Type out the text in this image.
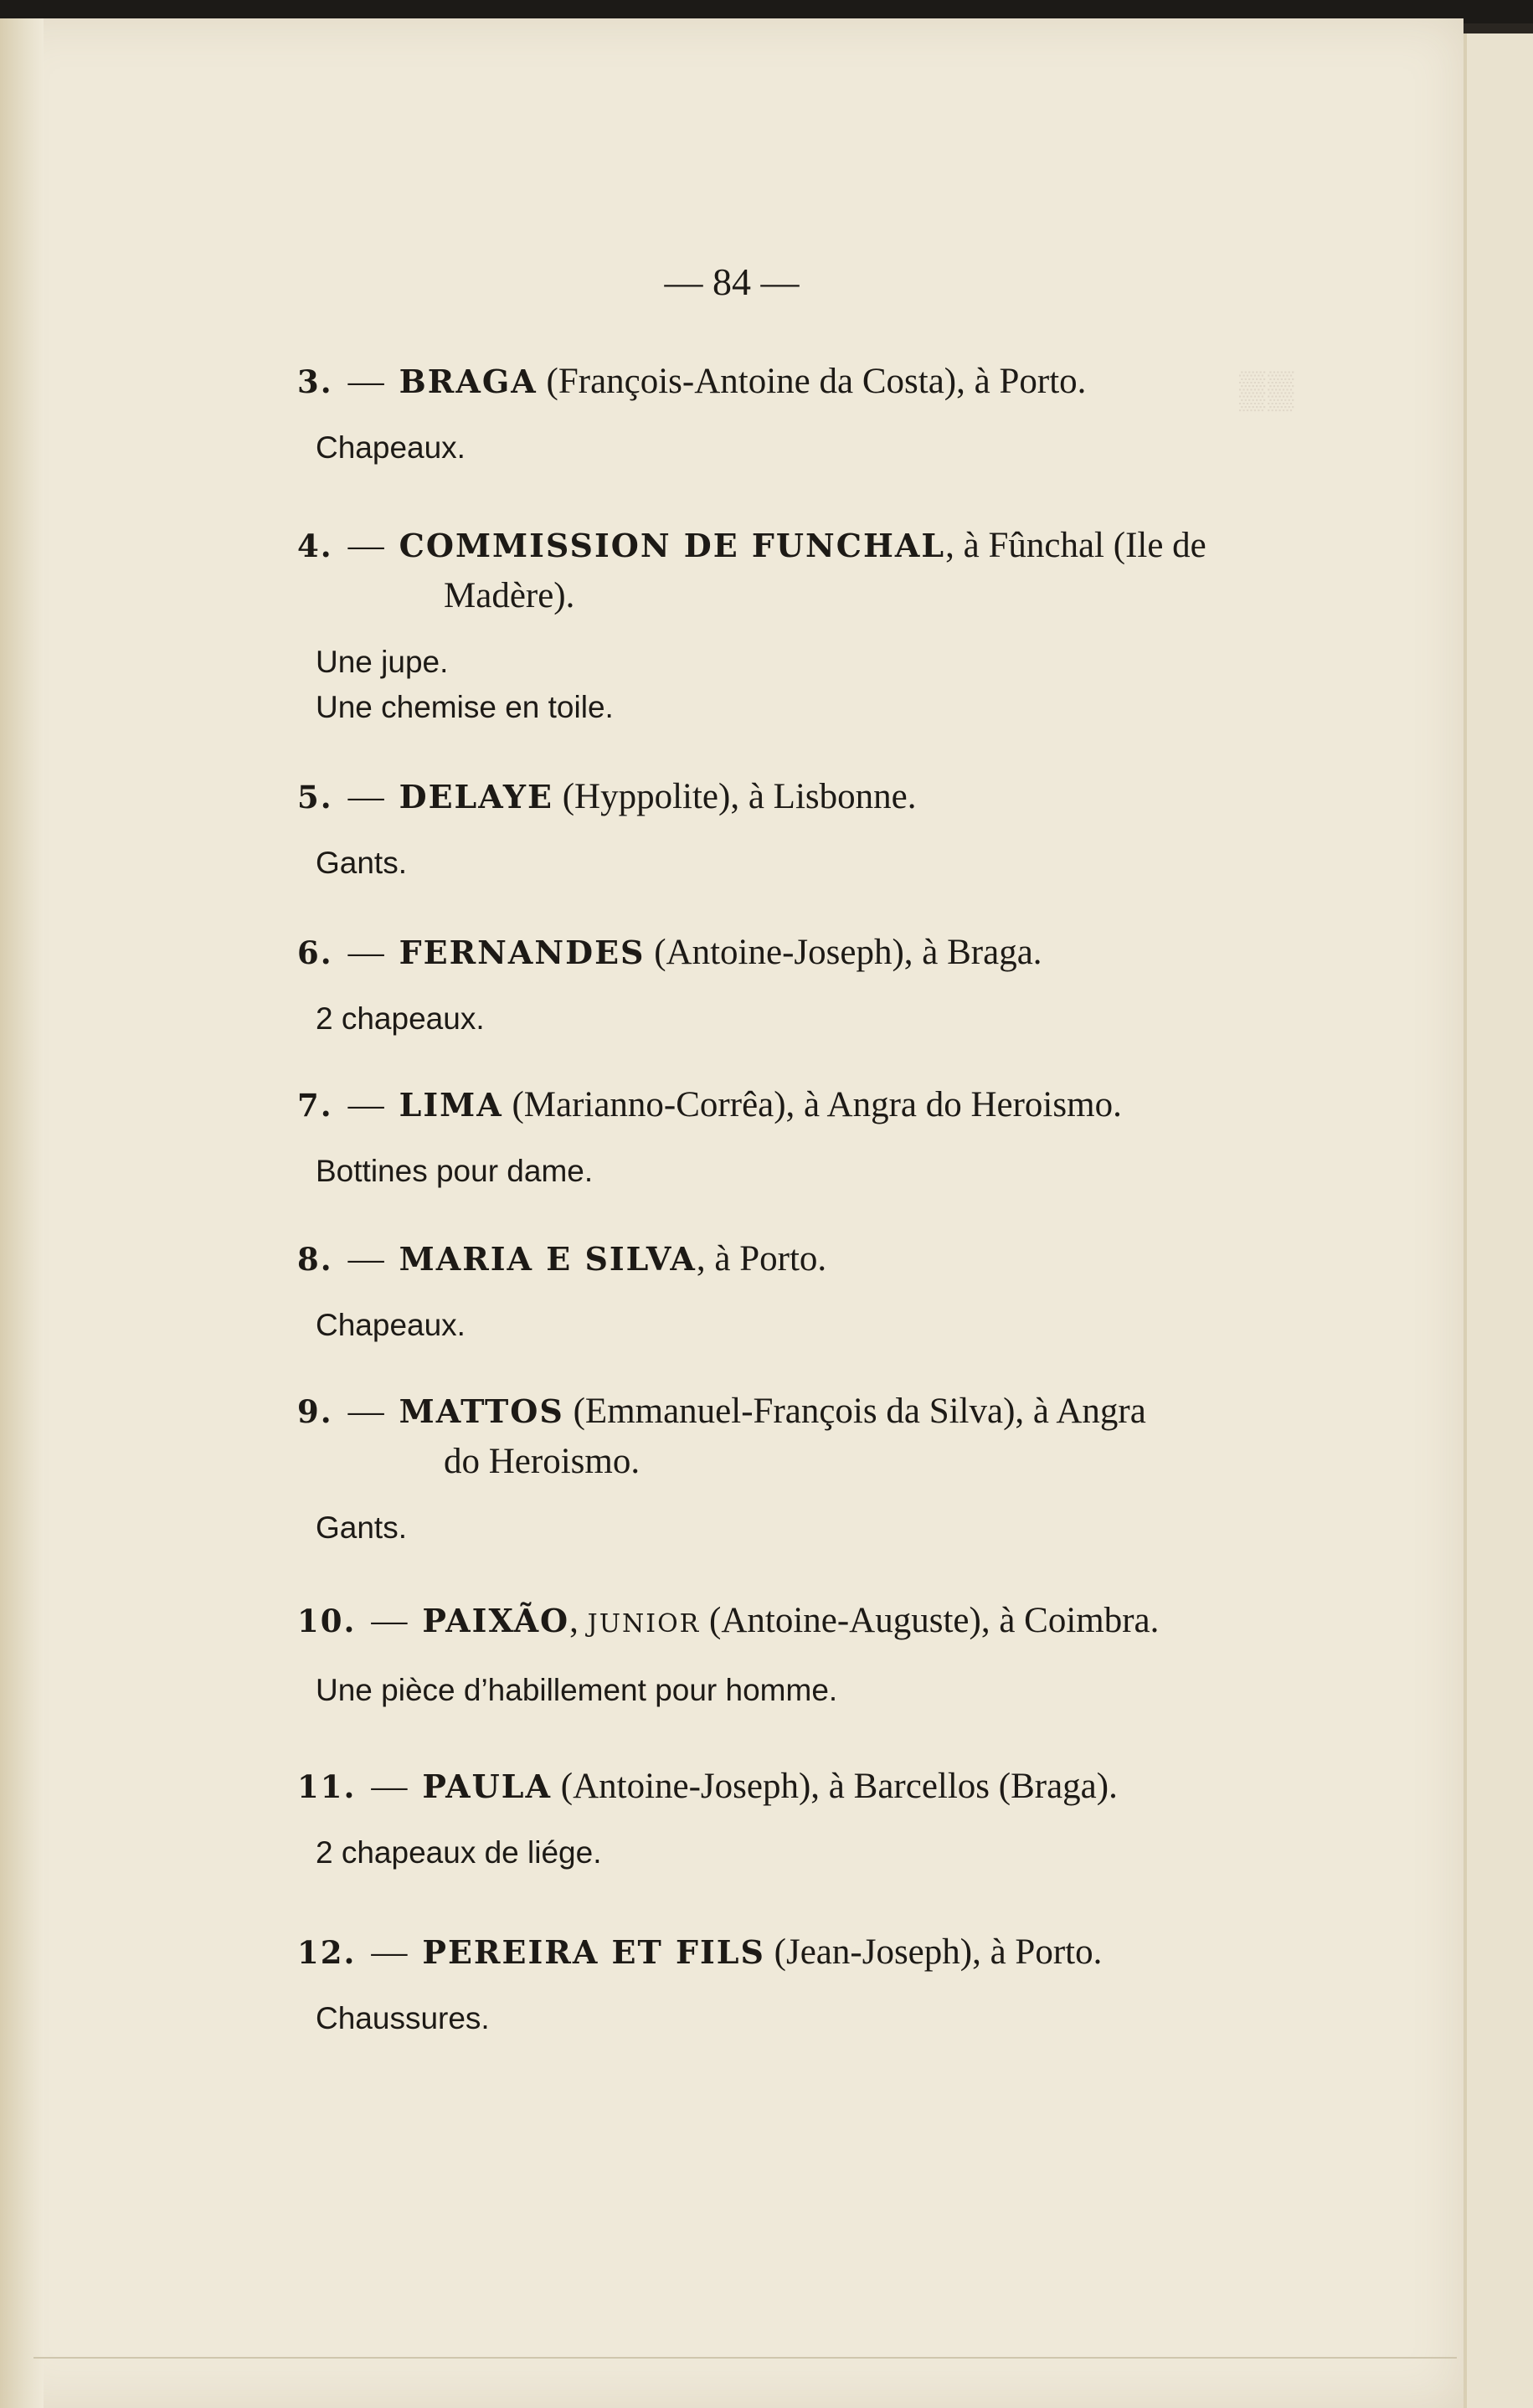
▒▒
— 84 —
3. — BRAGA (François-Antoine da Costa), à Porto.
Chapeaux.
4. — COMMISSION DE FUNCHAL, à Fûnchal (Ile de
Madère).
Une jupe.
Une chemise en toile.
5. — DELAYE (Hyppolite), à Lisbonne.
Gants.
6. — FERNANDES (Antoine-Joseph), à Braga.
2 chapeaux.
7. — LIMA (Marianno-Corrêa), à Angra do Heroismo.
Bottines pour dame.
8. — MARIA E SILVA, à Porto.
Chapeaux.
9. — MATTOS (Emmanuel-François da Silva), à Angra
do Heroismo.
Gants.
10. — PAIXÃO, JUNIOR (Antoine-Auguste), à Coimbra.
Une pièce d’habillement pour homme.
11. — PAULA (Antoine-Joseph), à Barcellos (Braga).
2 chapeaux de liége.
12. — PEREIRA ET FILS (Jean-Joseph), à Porto.
Chaussures.
